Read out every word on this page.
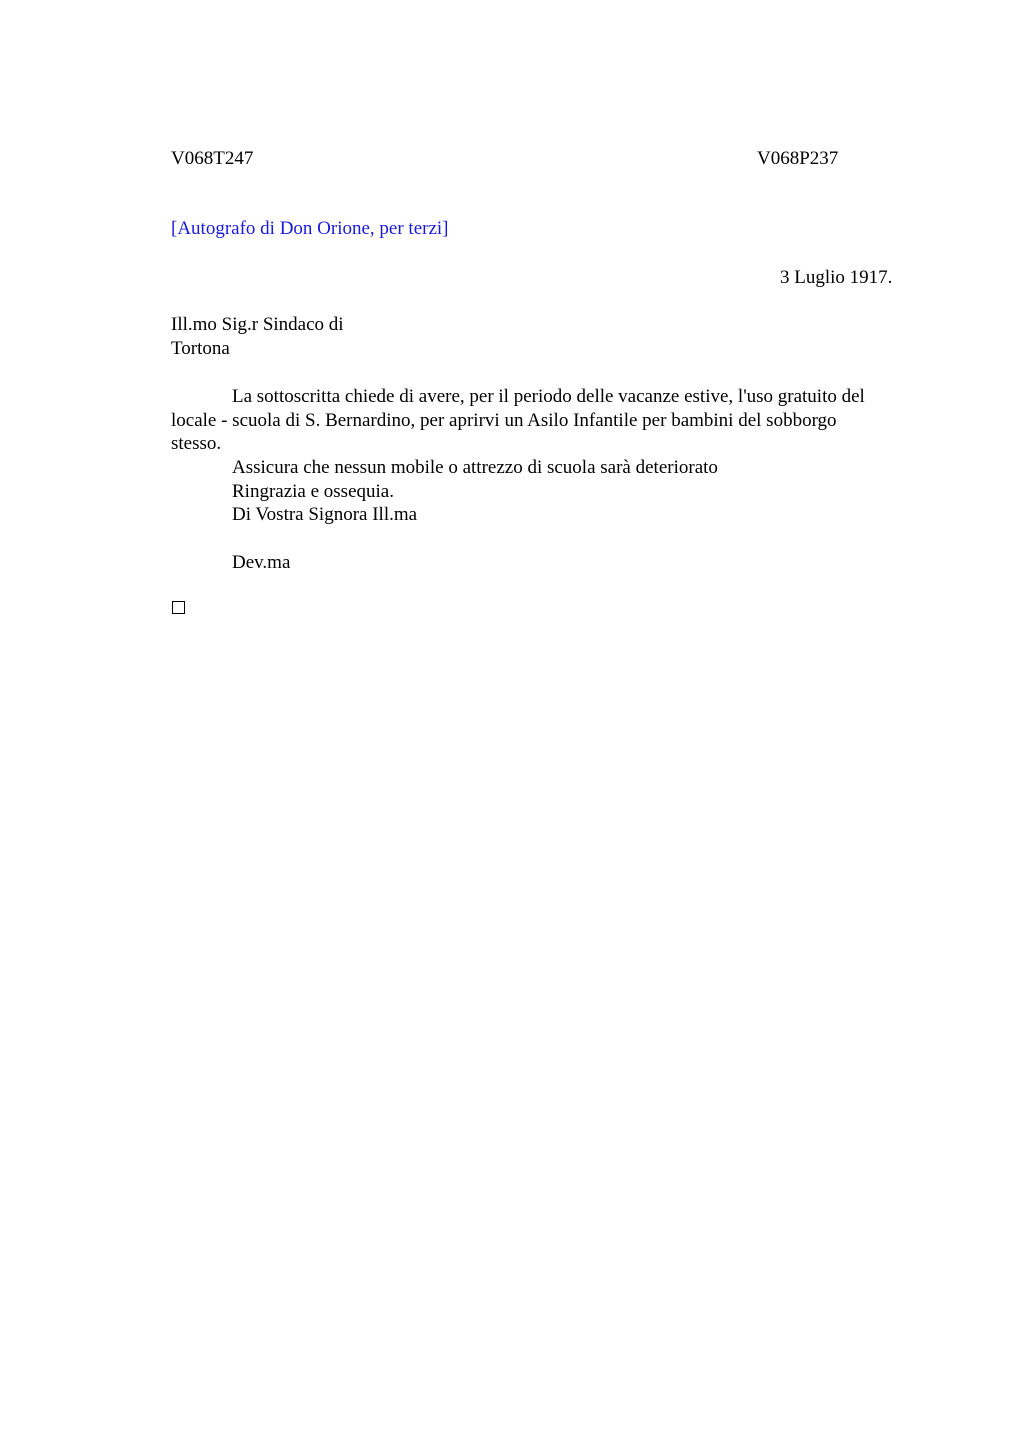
V068T247	V068P237
[Autografo di Don Orione, per terzi]
3 Luglio 1917.
Ill.mo Sig.r Sindaco di
Tortona
La sottoscritta chiede di avere, per il periodo delle vacanze estive, l'uso gratuito del
locale - scuola di S. Bernardino, per aprirvi un Asilo Infantile per bambini del sobborgo
stesso.
Assicura che nessun mobile o attrezzo di scuola sarà deteriorato
Ringrazia e ossequia.
Di Vostra Signora Ill.ma
Dev.ma
